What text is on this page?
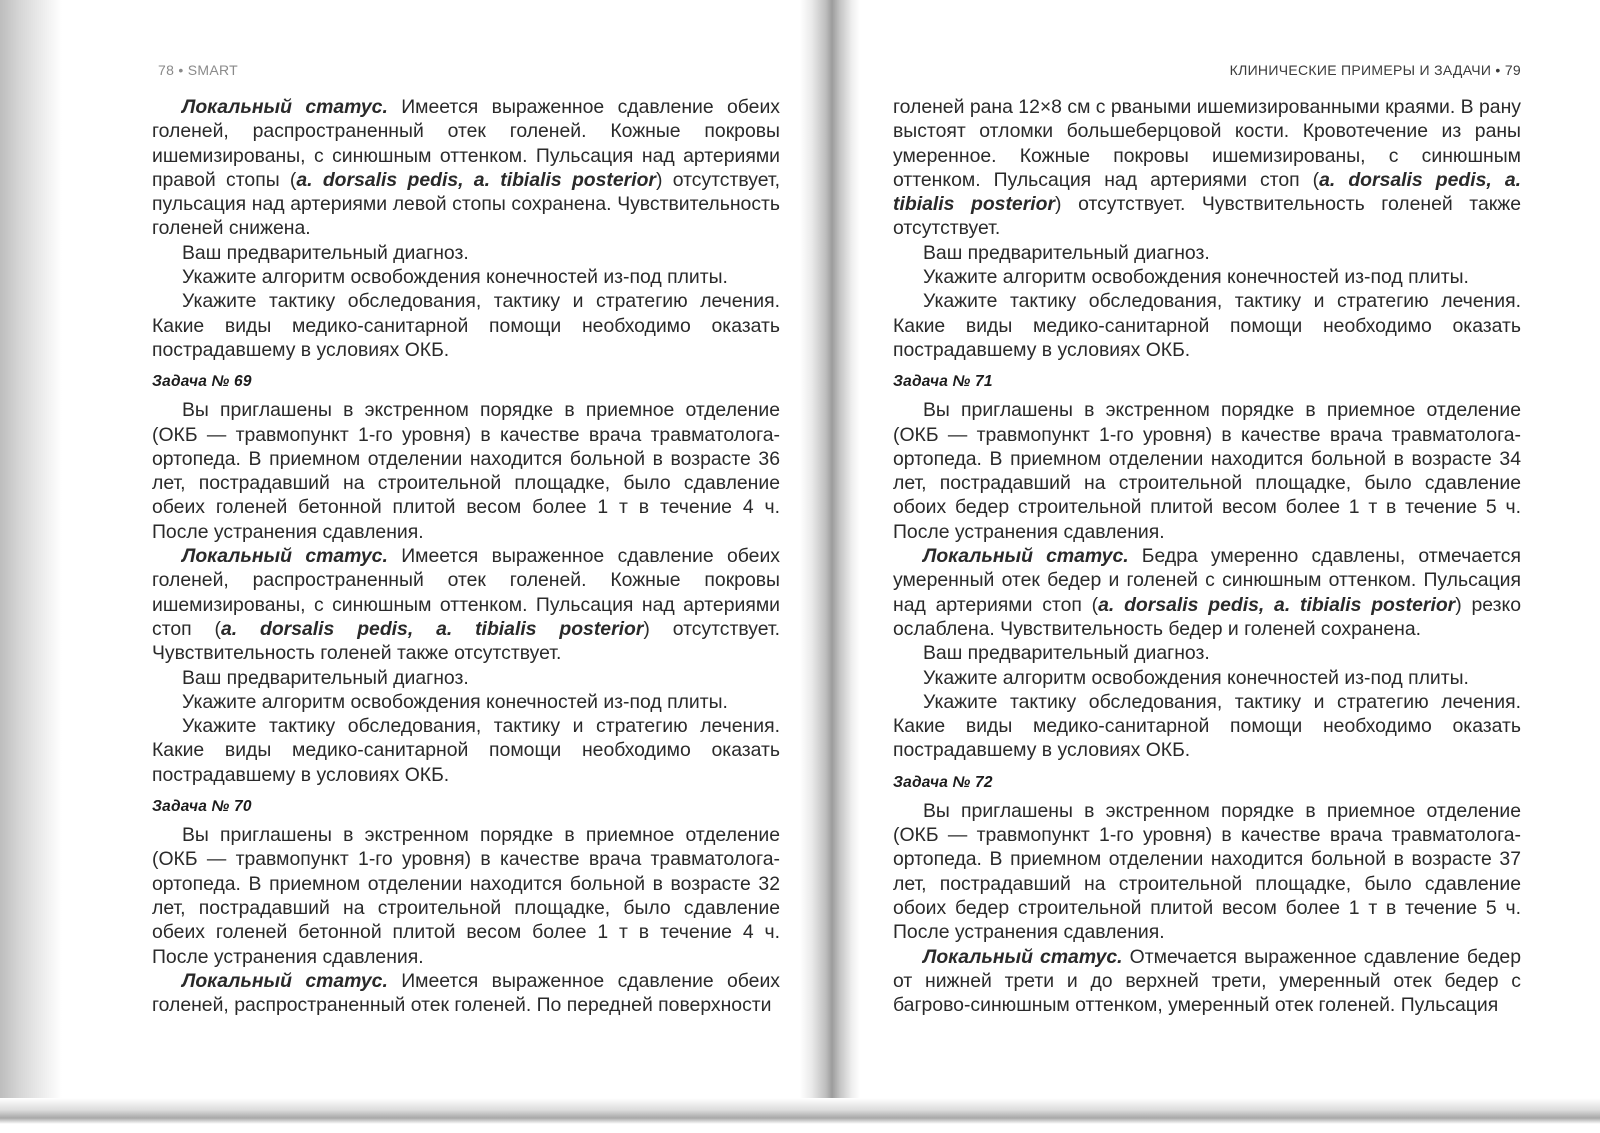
78 • SMART

Локальный статус. Имеется выраженное сдавление обеих голеней, распространенный отек голеней. Кожные покровы ишемизированы, с синюшным оттенком. Пульсация над артериями правой стопы (a. dorsalis pedis, a. tibialis posterior) отсутствует, пульсация над артериями левой стопы сохранена. Чувствительность голеней снижена.

Ваш предварительный диагноз.

Укажите алгоритм освобождения конечностей из-под плиты.

Укажите тактику обследования, тактику и стратегию лечения. Какие виды медико-санитарной помощи необходимо оказать пострадавшему в условиях ОКБ.

Задача № 69

Вы приглашены в экстренном порядке в приемное отделение (ОКБ — травмопункт 1-го уровня) в качестве врача травматолога-ортопеда. В приемном отделении находится больной в возрасте 36 лет, пострадавший на строительной площадке, было сдавление обеих голеней бетонной плитой весом более 1 т в течение 4 ч. После устранения сдавления.

Локальный статус. Имеется выраженное сдавление обеих голеней, распространенный отек голеней. Кожные покровы ишемизированы, с синюшным оттенком. Пульсация над артериями стоп (a. dorsalis pedis, a. tibialis posterior) отсутствует. Чувствительность голеней также отсутствует.

Ваш предварительный диагноз.

Укажите алгоритм освобождения конечностей из-под плиты.

Укажите тактику обследования, тактику и стратегию лечения. Какие виды медико-санитарной помощи необходимо оказать пострадавшему в условиях ОКБ.

Задача № 70

Вы приглашены в экстренном порядке в приемное отделение (ОКБ — травмопункт 1-го уровня) в качестве врача травматолога-ортопеда. В приемном отделении находится больной в возрасте 32 лет, пострадавший на строительной площадке, было сдавление обеих голеней бетонной плитой весом более 1 т в течение 4 ч. После устранения сдавления.

Локальный статус. Имеется выраженное сдавление обеих голеней, распространенный отек голеней. По передней поверхности

КЛИНИЧЕСКИЕ ПРИМЕРЫ И ЗАДАЧИ • 79

голеней рана 12×8 см с рваными ишемизированными краями. В рану выстоят отломки большеберцовой кости. Кровотечение из раны умеренное. Кожные покровы ишемизированы, с синюшным оттенком. Пульсация над артериями стоп (a. dorsalis pedis, a. tibialis posterior) отсутствует. Чувствительность голеней также отсутствует.

Ваш предварительный диагноз.

Укажите алгоритм освобождения конечностей из-под плиты.

Укажите тактику обследования, тактику и стратегию лечения. Какие виды медико-санитарной помощи необходимо оказать пострадавшему в условиях ОКБ.

Задача № 71

Вы приглашены в экстренном порядке в приемное отделение (ОКБ — травмопункт 1-го уровня) в качестве врача травматолога-ортопеда. В приемном отделении находится больной в возрасте 34 лет, пострадавший на строительной площадке, было сдавление обоих бедер строительной плитой весом более 1 т в течение 5 ч. После устранения сдавления.

Локальный статус. Бедра умеренно сдавлены, отмечается умеренный отек бедер и голеней с синюшным оттенком. Пульсация над артериями стоп (a. dorsalis pedis, a. tibialis posterior) резко ослаблена. Чувствительность бедер и голеней сохранена.

Ваш предварительный диагноз.

Укажите алгоритм освобождения конечностей из-под плиты.

Укажите тактику обследования, тактику и стратегию лечения. Какие виды медико-санитарной помощи необходимо оказать пострадавшему в условиях ОКБ.

Задача № 72

Вы приглашены в экстренном порядке в приемное отделение (ОКБ — травмопункт 1-го уровня) в качестве врача травматолога-ортопеда. В приемном отделении находится больной в возрасте 37 лет, пострадавший на строительной площадке, было сдавление обоих бедер строительной плитой весом более 1 т в течение 5 ч. После устранения сдавления.

Локальный статус. Отмечается выраженное сдавление бедер от нижней трети и до верхней трети, умеренный отек бедер с багрово-синюшным оттенком, умеренный отек голеней. Пульсация
